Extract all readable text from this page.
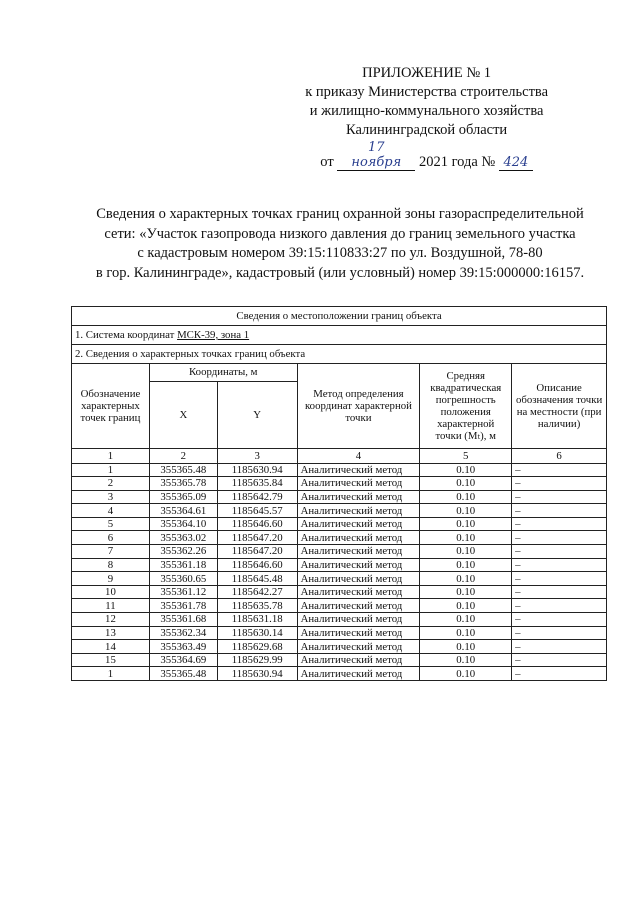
ПРИЛОЖЕНИЕ № 1
к приказу Министерства строительства
и жилищно-коммунального хозяйства
Калининградской области
от 17 ноября 2021 года № 424
Сведения о характерных точках границ охранной зоны газораспределительной
сети: «Участок газопровода низкого давления до границ земельного участка
с кадастровым номером 39:15:110833:27 по ул. Воздушной, 78-80
в гор. Калининграде», кадастровый (или условный) номер 39:15:000000:16157.
Сведения о местоположении границ объекта					
1. Система координат МСК-39, зона 1					
2. Сведения о характерных точках границ объекта					
Обозначение характерных точек границ	Координаты, м		Метод определения координат характерной точки	Средняя квадратическая погрешность положения характерной точки (Mₜ), м	Описание обозначения точки на местности (при наличии)
	X	Y			
1	2	3	4	5	6
1	355365.48	1185630.94	Аналитический метод	0.10	–
2	355365.78	1185635.84	Аналитический метод	0.10	–
3	355365.09	1185642.79	Аналитический метод	0.10	–
4	355364.61	1185645.57	Аналитический метод	0.10	–
5	355364.10	1185646.60	Аналитический метод	0.10	–
6	355363.02	1185647.20	Аналитический метод	0.10	–
7	355362.26	1185647.20	Аналитический метод	0.10	–
8	355361.18	1185646.60	Аналитический метод	0.10	–
9	355360.65	1185645.48	Аналитический метод	0.10	–
10	355361.12	1185642.27	Аналитический метод	0.10	–
11	355361.78	1185635.78	Аналитический метод	0.10	–
12	355361.68	1185631.18	Аналитический метод	0.10	–
13	355362.34	1185630.14	Аналитический метод	0.10	–
14	355363.49	1185629.68	Аналитический метод	0.10	–
15	355364.69	1185629.99	Аналитический метод	0.10	–
1	355365.48	1185630.94	Аналитический метод	0.10	–
